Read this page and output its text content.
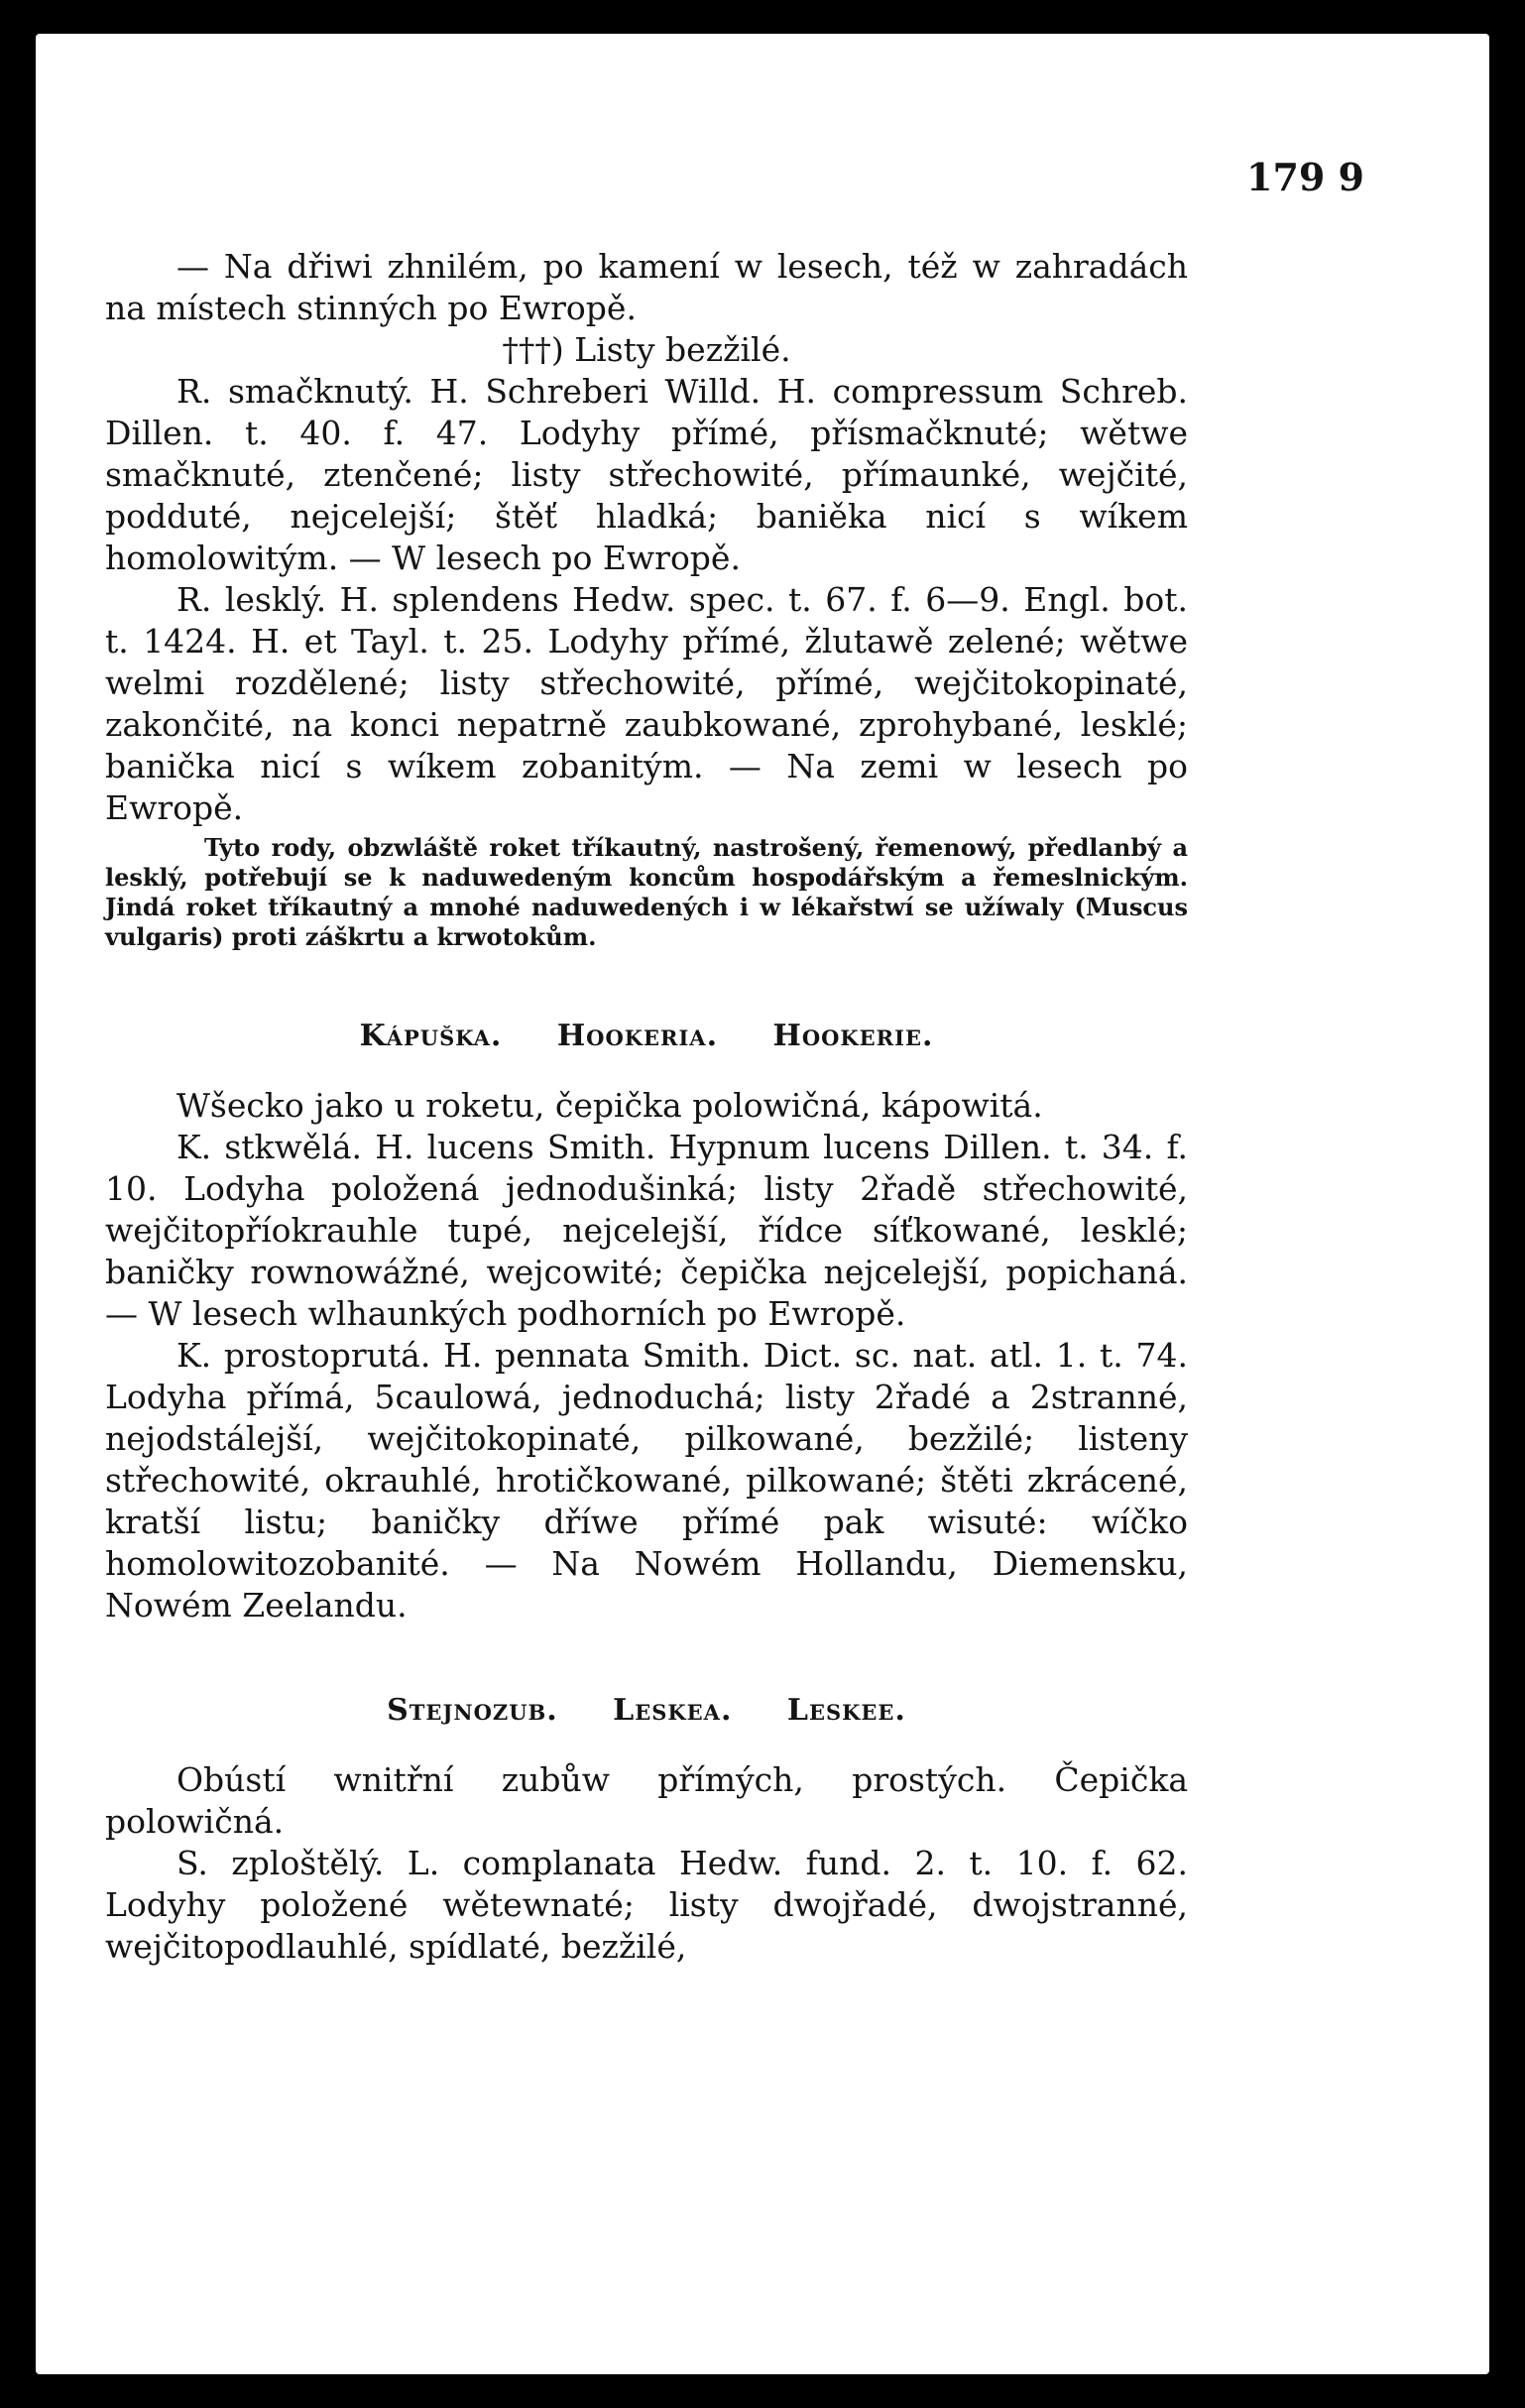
179 9

— Na dřiwi zhnilém, po kamení w lesech, též w zahradách na místech stinných po Ewropě.

†††) Listy bezžilé.

R. smačknutý. H. Schreberi Willd. H. compressum Schreb. Dillen. t. 40. f. 47. Lodyhy přímé, přísmačknuté; wětwe smačknuté, ztenčené; listy střechowité, přímaunké, wejčité, podduté, nejcelejší; štěť hladká; baniěka nicí s wíkem homolowitým. — W lesech po Ewropě.

R. lesklý. H. splendens Hedw. spec. t. 67. f. 6—9. Engl. bot. t. 1424. H. et Tayl. t. 25. Lodyhy přímé, žlutawě zelené; wětwe welmi rozdělené; listy střechowité, přímé, wejčitokopinaté, zakončité, na konci nepatrně zaubkowané, zprohybané, lesklé; banička nicí s wíkem zobanitým. — Na zemi w lesech po Ewropě.

Tyto rody, obzwláště roket tříkautný, nastrošený, řemenowý, předlanbý a lesklý, potřebují se k naduwedeným koncům hospodářským a řemeslnickým. Jindá roket tříkautný a mnohé naduwedených i w lékařstwí se užíwaly (Muscus vulgaris) proti záškrtu a krwotokům.

Kápuška. Hookeria. Hookerie.

Wšecko jako u roketu, čepička polowičná, kápowitá.

K. stkwělá. H. lucens Smith. Hypnum lucens Dillen. t. 34. f. 10. Lodyha položená jednodušinká; listy 2řadě střechowité, wejčitopříokrauhle tupé, nejcelejší, řídce síťkowané, lesklé; baničky rownowážné, wejcowité; čepička nejcelejší, popichaná. — W lesech wlhaunkých podhorních po Ewropě.

K. prostoprutá. H. pennata Smith. Dict. sc. nat. atl. 1. t. 74. Lodyha přímá, 5caulowá, jednoduchá; listy 2řadé a 2stranné, nejodstálejší, wejčitokopinaté, pilkowané, bezžilé; listeny střechowité, okrauhlé, hrotičkowané, pilkowané; štěti zkrácené, kratší listu; baničky dříwe přímé pak wisuté: wíčko homolowitozobanité. — Na Nowém Hollandu, Diemensku, Nowém Zeelandu.

Stejnozub. Leskea. Leskee.

Obústí wnitřní zubůw přímých, prostých. Čepička polowičná.

S. zploštělý. L. complanata Hedw. fund. 2. t. 10. f. 62. Lodyhy položené wětewnaté; listy dwojřadé, dwojstranné, wejčitopodlauhlé, spídlaté, bezžilé,
